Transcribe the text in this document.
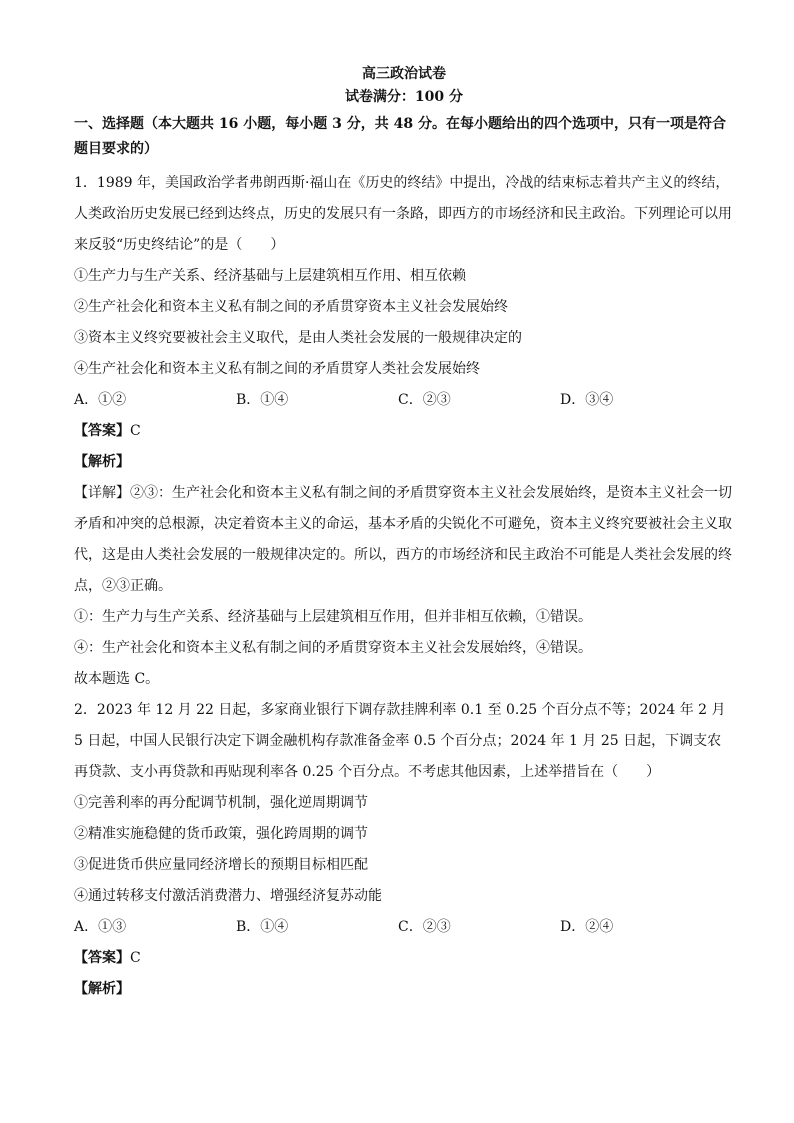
高三政治试卷

试卷满分：100 分

一、选择题（本大题共 16 小题，每小题 3 分，共 48 分。在每小题给出的四个选项中，只有一项是符合题目要求的）

1．1989 年，美国政治学者弗朗西斯·福山在《历史的终结》中提出，冷战的结束标志着共产主义的终结，人类政治历史发展已经到达终点，历史的发展只有一条路，即西方的市场经济和民主政治。下列理论可以用来反驳“历史终结论”的是（　　）

①生产力与生产关系、经济基础与上层建筑相互作用、相互依赖

②生产社会化和资本主义私有制之间的矛盾贯穿资本主义社会发展始终

③资本主义终究要被社会主义取代，是由人类社会发展的一般规律决定的

④生产社会化和资本主义私有制之间的矛盾贯穿人类社会发展始终

A．①②	B．①④	C．②③	D．③④

【答案】C

【解析】

【详解】②③：生产社会化和资本主义私有制之间的矛盾贯穿资本主义社会发展始终，是资本主义社会一切矛盾和冲突的总根源，决定着资本主义的命运，基本矛盾的尖锐化不可避免，资本主义终究要被社会主义取代，这是由人类社会发展的一般规律决定的。所以，西方的市场经济和民主政治不可能是人类社会发展的终点，②③正确。

①：生产力与生产关系、经济基础与上层建筑相互作用，但并非相互依赖，①错误。

④：生产社会化和资本主义私有制之间的矛盾贯穿资本主义社会发展始终，④错误。

故本题选 C。

2．2023 年 12 月 22 日起，多家商业银行下调存款挂牌利率 0.1 至 0.25 个百分点不等；2024 年 2 月 5 日起，中国人民银行决定下调金融机构存款准备金率 0.5 个百分点；2024 年 1 月 25 日起，下调支农再贷款、支小再贷款和再贴现利率各 0.25 个百分点。不考虑其他因素，上述举措旨在（　　）

①完善利率的再分配调节机制，强化逆周期调节

②精准实施稳健的货币政策，强化跨周期的调节

③促进货币供应量同经济增长的预期目标相匹配

④通过转移支付激活消费潜力、增强经济复苏动能

A．①③	B．①④	C．②③	D．②④

【答案】C

【解析】
